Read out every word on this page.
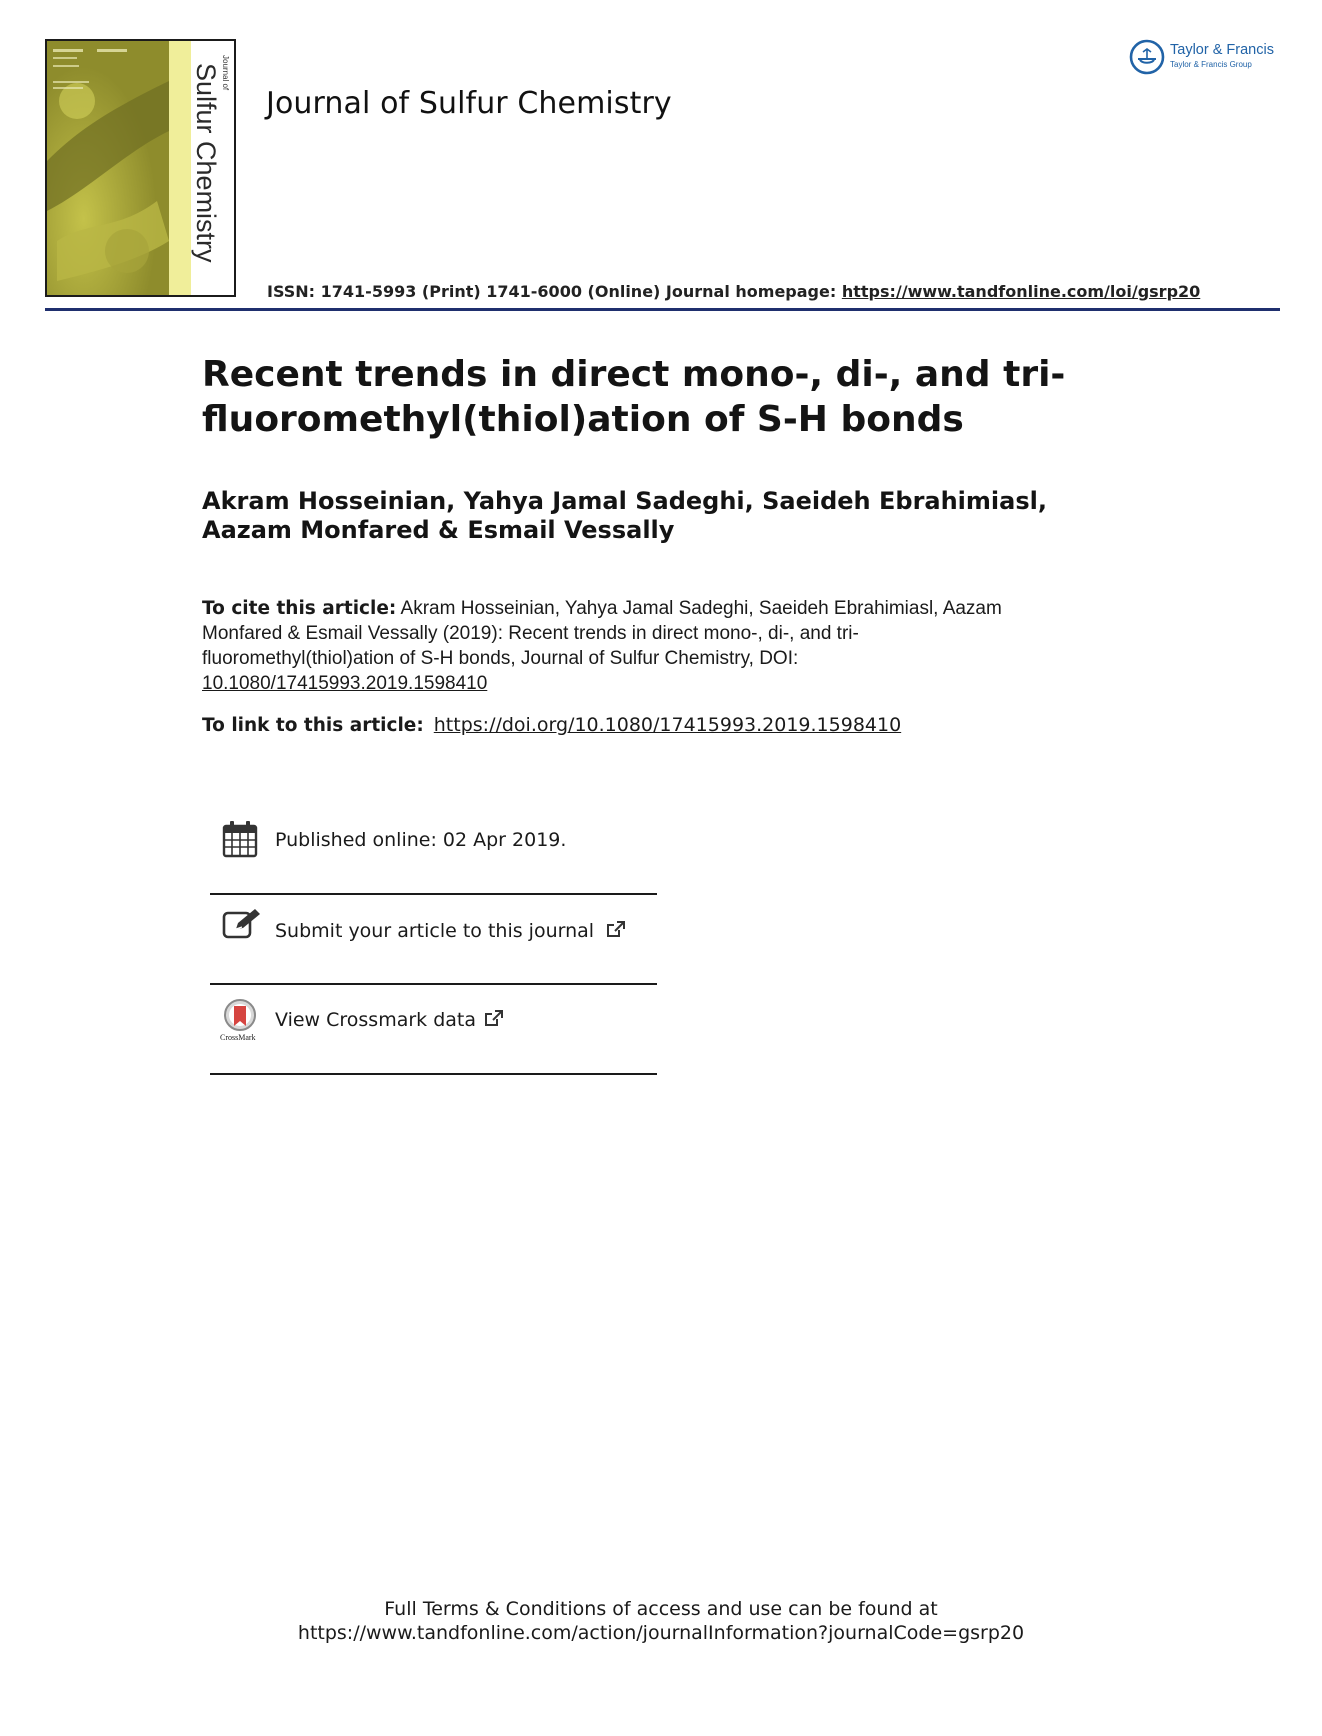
Journal of
Sulfur Chemistry Journal of Sulfur Chemistry
ISSN: 1741-5993 (Print) 1741-6000 (Online) Journal homepage: https://www.tandfonline.com/loi/gsrp20
Taylor & Francis
Taylor & Francis Group
Recent trends in direct mono-, di-, and tri-fluoromethyl(thiol)ation of S-H bonds
Akram Hosseinian, Yahya Jamal Sadeghi, Saeideh Ebrahimiasl, Aazam Monfared & Esmail Vessally
To cite this article: Akram Hosseinian, Yahya Jamal Sadeghi, Saeideh Ebrahimiasl, Aazam Monfared & Esmail Vessally (2019): Recent trends in direct mono-, di-, and tri-fluoromethyl(thiol)ation of S-H bonds, Journal of Sulfur Chemistry, DOI: 10.1080/17415993.2019.1598410
To link to this article: https://doi.org/10.1080/17415993.2019.1598410
Published online: 02 Apr 2019.
Submit your article to this journal
CrossMark
View Crossmark data
Full Terms & Conditions of access and use can be found at
https://www.tandfonline.com/action/journalInformation?journalCode=gsrp20
